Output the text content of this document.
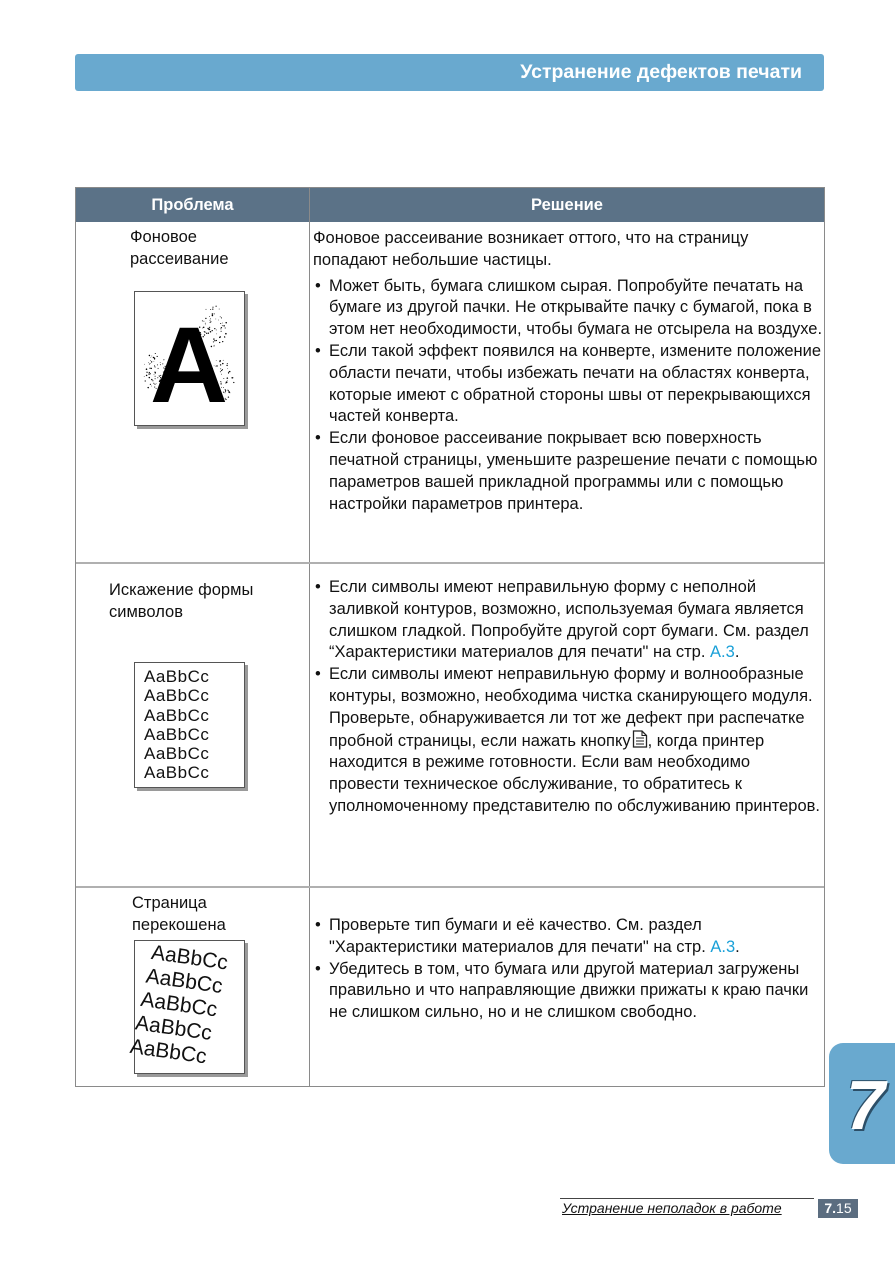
Устранение дефектов печати
Проблема	Решение
Фоновое рассеивание
A

Фоновое рассеивание возникает оттого, что на страницу попадают небольшие частицы.

• Может быть, бумага слишком сырая. Попробуйте печатать на бумаге из другой пачки. Не открывайте пачку с бумагой, пока в этом нет необходимости, чтобы бумага не отсырела на воздухе.
• Если такой эффект появился на конверте, измените положение области печати, чтобы избежать печати на областях конверта, которые имеют с обратной стороны швы от перекрывающихся частей конверта.
• Если фоновое рассеивание покрывает всю поверхность печатной страницы, уменьшите разрешение печати с помощью параметров вашей прикладной программы или с помощью настройки параметров принтера.
Искажение формы символов
AaBbCc
AaBbCc
AaBbCc
AaBbCc
AaBbCc
AaBbCc
• Если символы имеют неправильную форму с неполной заливкой контуров, возможно, используемая бумага является слишком гладкой. Попробуйте другой сорт бумаги. См. раздел “Характеристики материалов для печати" на стр. A.3.
• Если символы имеют неправильную форму и волнообразные контуры, возможно, необходима чистка сканирующего модуля. Проверьте, обнаруживается ли тот же дефект при распечатке пробной страницы, если нажать кнопку , когда принтер находится в режиме готовности. Если вам необходимо провести техническое обслуживание, то обратитесь к уполномоченному представителю по обслуживанию принтеров.
Страница перекошена
AaBbCc
AaBbCc
AaBbCc
AaBbCc
AaBbCc
• Проверьте тип бумаги и её качество. См. раздел "Характеристики материалов для печати" на стр. A.3.
• Убедитесь в том, что бумага или другой материал загружены правильно и что направляющие движки прижаты к краю пачки не слишком сильно, но и не слишком свободно.
7
Устранение неполадок в работе	7.15
